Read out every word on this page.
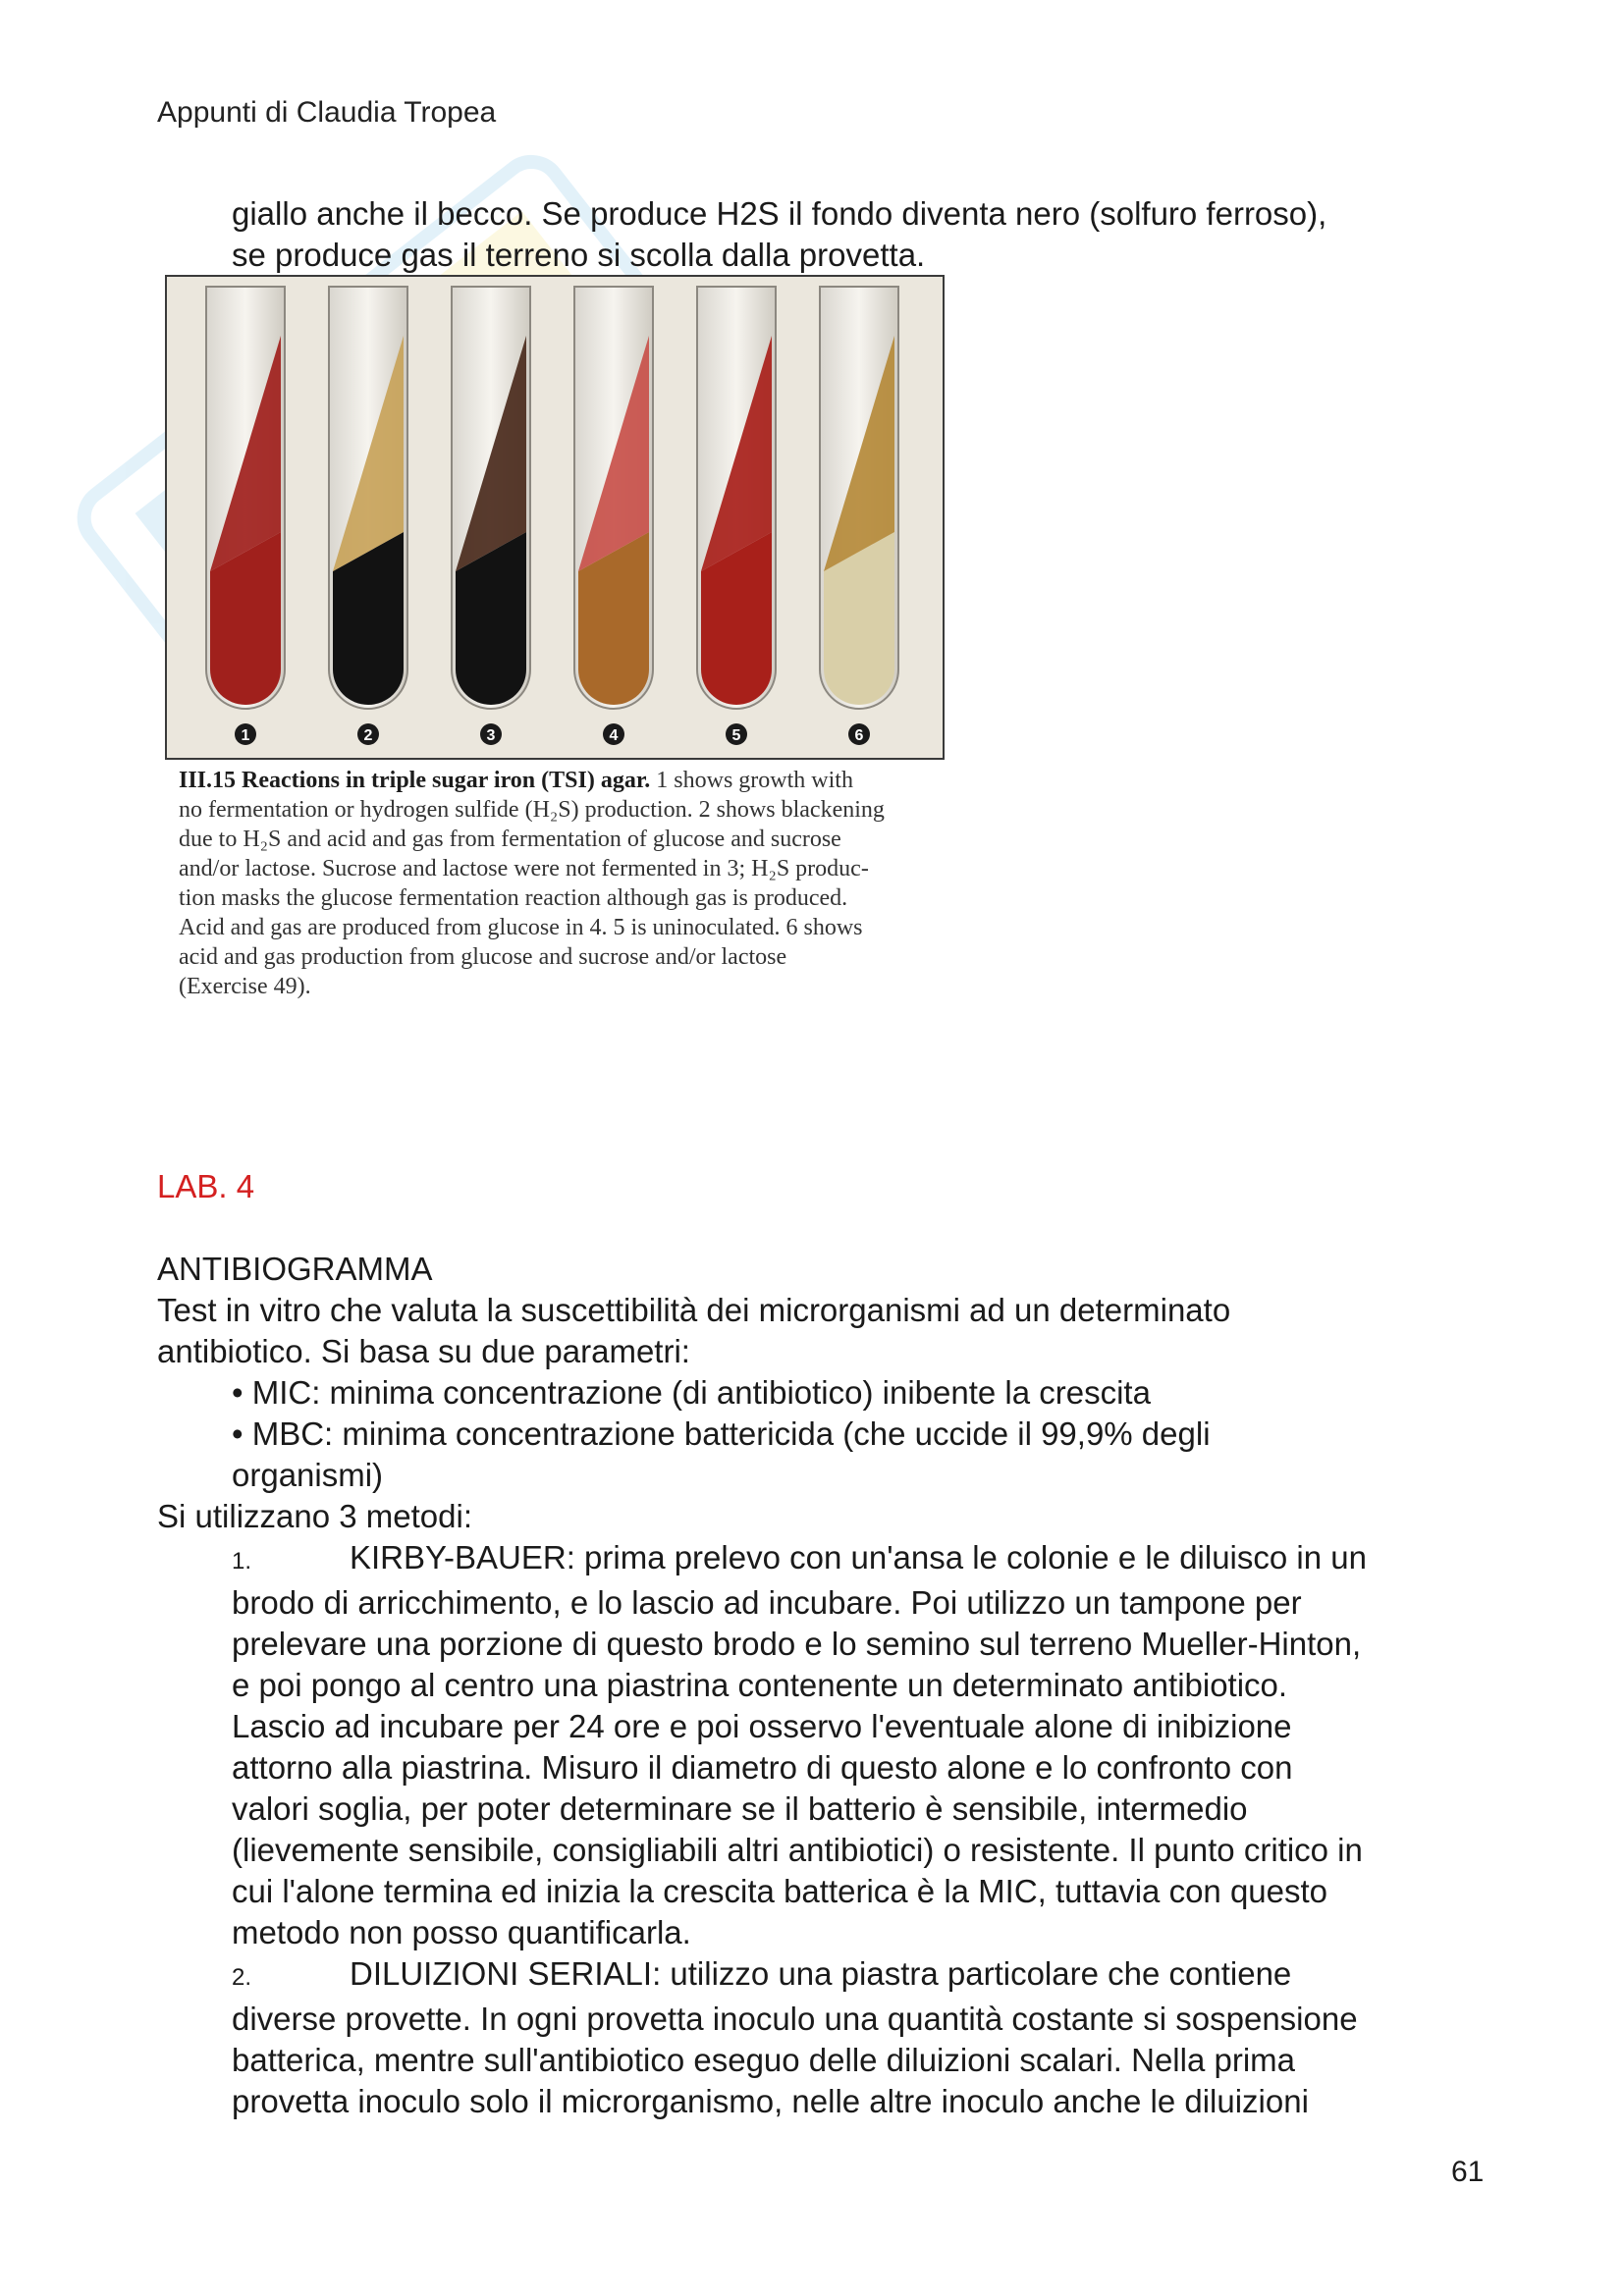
Appunti di Claudia Tropea
giallo anche il becco. Se produce H2S il fondo diventa nero (solfuro ferroso),
se produce gas il terreno si scolla dalla provetta.
1	2	3	4	5	6
III.15 Reactions in triple sugar iron (TSI) agar. 1 shows growth with
no fermentation or hydrogen sulfide (H₂S) production. 2 shows blackening
due to H₂S and acid and gas from fermentation of glucose and sucrose
and/or lactose. Sucrose and lactose were not fermented in 3; H₂S produc-
tion masks the glucose fermentation reaction although gas is produced.
Acid and gas are produced from glucose in 4. 5 is uninoculated. 6 shows
acid and gas production from glucose and sucrose and/or lactose
(Exercise 49).
LAB. 4

ANTIBIOGRAMMA

Test in vitro che valuta la suscettibilità dei microrganismi ad un determinato

antibiotico. Si basa su due parametri:

• MIC: minima concentrazione (di antibiotico) inibente la crescita
• MBC: minima concentrazione battericida (che uccide il 99,9% degli
organismi)

Si utilizzano 3 metodi:

1.	KIRBY-BAUER: prima prelevo con un'ansa le colonie e le diluisco in un
brodo di arricchimento, e lo lascio ad incubare. Poi utilizzo un tampone per
prelevare una porzione di questo brodo e lo semino sul terreno Mueller-Hinton,
e poi pongo al centro una piastrina contenente un determinato antibiotico.
Lascio ad incubare per 24 ore e poi osservo l'eventuale alone di inibizione
attorno alla piastrina. Misuro il diametro di questo alone e lo confronto con
valori soglia, per poter determinare se il batterio è sensibile, intermedio
(lievemente sensibile, consigliabili altri antibiotici) o resistente. Il punto critico in
cui l'alone termina ed inizia la crescita batterica è la MIC, tuttavia con questo
metodo non posso quantificarla.
2.	DILUIZIONI SERIALI: utilizzo una piastra particolare che contiene
diverse provette. In ogni provetta inoculo una quantità costante si sospensione
batterica, mentre sull'antibiotico eseguo delle diluizioni scalari. Nella prima
provetta inoculo solo il microrganismo, nelle altre inoculo anche le diluizioni
61
